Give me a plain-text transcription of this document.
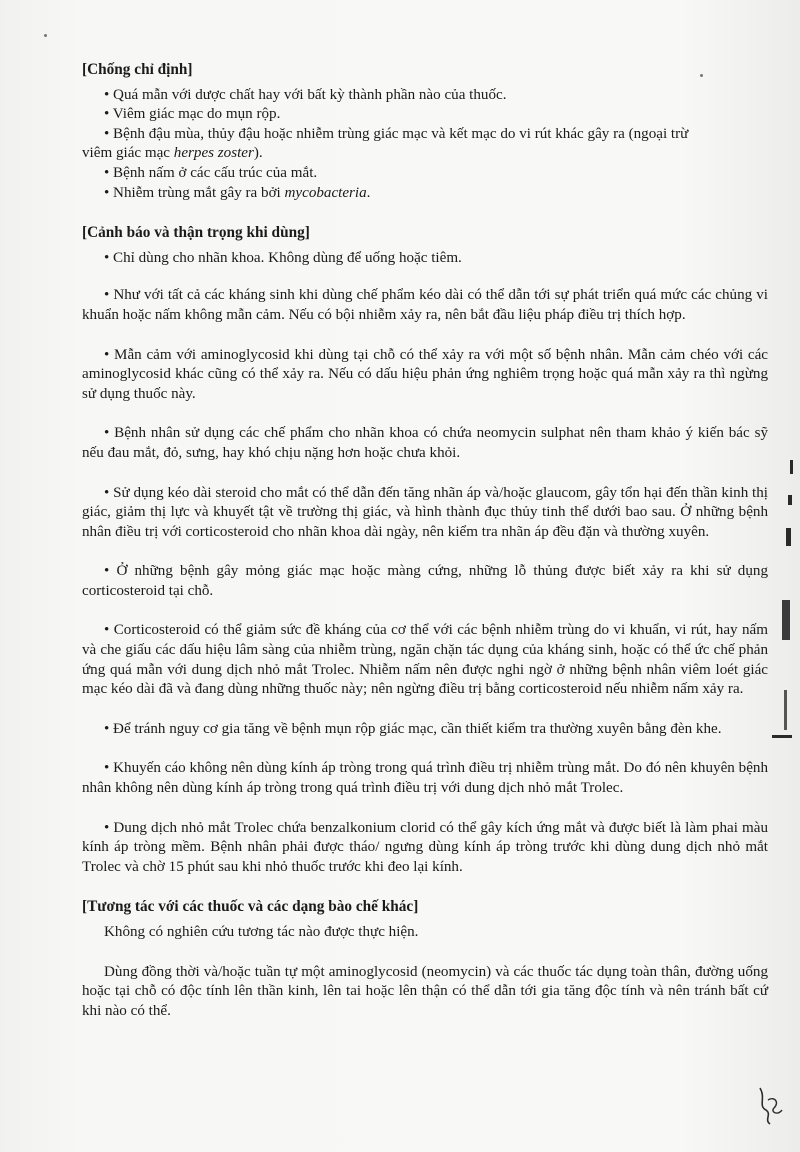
[Chống chỉ định]

• Quá mẫn với dược chất hay với bất kỳ thành phần nào của thuốc.

• Viêm giác mạc do mụn rộp.

• Bệnh đậu mùa, thủy đậu hoặc nhiễm trùng giác mạc và kết mạc do vi rút khác gây ra (ngoại trừ

viêm giác mạc herpes zoster).

• Bệnh nấm ở các cấu trúc của mắt.

• Nhiễm trùng mắt gây ra bởi mycobacteria.

[Cảnh báo và thận trọng khi dùng]

• Chỉ dùng cho nhãn khoa. Không dùng để uống hoặc tiêm.

• Như với tất cả các kháng sinh khi dùng chế phẩm kéo dài có thể dẫn tới sự phát triển quá mức các chủng vi khuẩn hoặc nấm không mẫn cảm. Nếu có bội nhiễm xảy ra, nên bắt đầu liệu pháp điều trị thích hợp.

• Mẫn cảm với aminoglycosid khi dùng tại chỗ có thể xảy ra với một số bệnh nhân. Mẫn cảm chéo với các aminoglycosid khác cũng có thể xảy ra. Nếu có dấu hiệu phản ứng nghiêm trọng hoặc quá mẫn xảy ra thì ngừng sử dụng thuốc này.

• Bệnh nhân sử dụng các chế phẩm cho nhãn khoa có chứa neomycin sulphat nên tham khảo ý kiến bác sỹ nếu đau mắt, đỏ, sưng, hay khó chịu nặng hơn hoặc chưa khỏi.

• Sử dụng kéo dài steroid cho mắt có thể dẫn đến tăng nhãn áp và/hoặc glaucom, gây tổn hại đến thần kinh thị giác, giảm thị lực và khuyết tật về trường thị giác, và hình thành đục thủy tinh thể dưới bao sau. Ở những bệnh nhân điều trị với corticosteroid cho nhãn khoa dài ngày, nên kiểm tra nhãn áp đều đặn và thường xuyên.

• Ở những bệnh gây mỏng giác mạc hoặc màng cứng, những lỗ thủng được biết xảy ra khi sử dụng corticosteroid tại chỗ.

• Corticosteroid có thể giảm sức đề kháng của cơ thể với các bệnh nhiễm trùng do vi khuẩn, vi rút, hay nấm và che giấu các dấu hiệu lâm sàng của nhiễm trùng, ngăn chặn tác dụng của kháng sinh, hoặc có thể ức chế phản ứng quá mẫn với dung dịch nhỏ mắt Trolec. Nhiễm nấm nên được nghi ngờ ở những bệnh nhân viêm loét giác mạc kéo dài đã và đang dùng những thuốc này; nên ngừng điều trị bằng corticosteroid nếu nhiễm nấm xảy ra.

• Để tránh nguy cơ gia tăng về bệnh mụn rộp giác mạc, cần thiết kiểm tra thường xuyên bằng đèn khe.

• Khuyến cáo không nên dùng kính áp tròng trong quá trình điều trị nhiễm trùng mắt. Do đó nên khuyên bệnh nhân không nên dùng kính áp tròng trong quá trình điều trị với dung dịch nhỏ mắt Trolec.

• Dung dịch nhỏ mắt Trolec chứa benzalkonium clorid có thể gây kích ứng mắt và được biết là làm phai màu kính áp tròng mềm. Bệnh nhân phải được tháo/ ngưng dùng kính áp tròng trước khi dùng dung dịch nhỏ mắt Trolec và chờ 15 phút sau khi nhỏ thuốc trước khi đeo lại kính.

[Tương tác với các thuốc và các dạng bào chế khác]

Không có nghiên cứu tương tác nào được thực hiện.

Dùng đồng thời và/hoặc tuần tự một aminoglycosid (neomycin) và các thuốc tác dụng toàn thân, đường uống hoặc tại chỗ có độc tính lên thần kinh, lên tai hoặc lên thận có thể dẫn tới gia tăng độc tính và nên tránh bất cứ khi nào có thể.
